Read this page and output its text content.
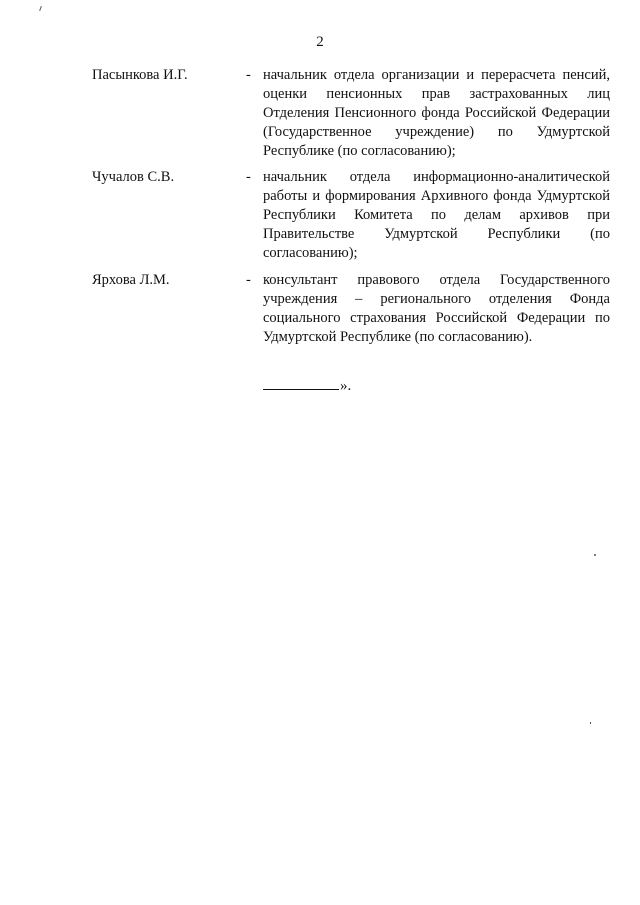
2
Пасынкова И.Г.	- начальник отдела организации и перерасчета пенсий, оценки пенсионных прав застрахованных лиц Отделения Пенсионного фонда Российской Федерации (Государственное учреждение) по Удмуртской Республике (по согласованию);
Чучалов С.В.	- начальник отдела информационно-аналитической работы и формирования Архивного фонда Удмуртской Республики Комитета по делам архивов при Правительстве Удмуртской Республики (по согласованию);
Ярхова Л.М.	- консультант правового отдела Государственного учреждения – регионального отделения Фонда социального страхования Российской Федерации по Удмуртской Республике (по согласованию).
».
